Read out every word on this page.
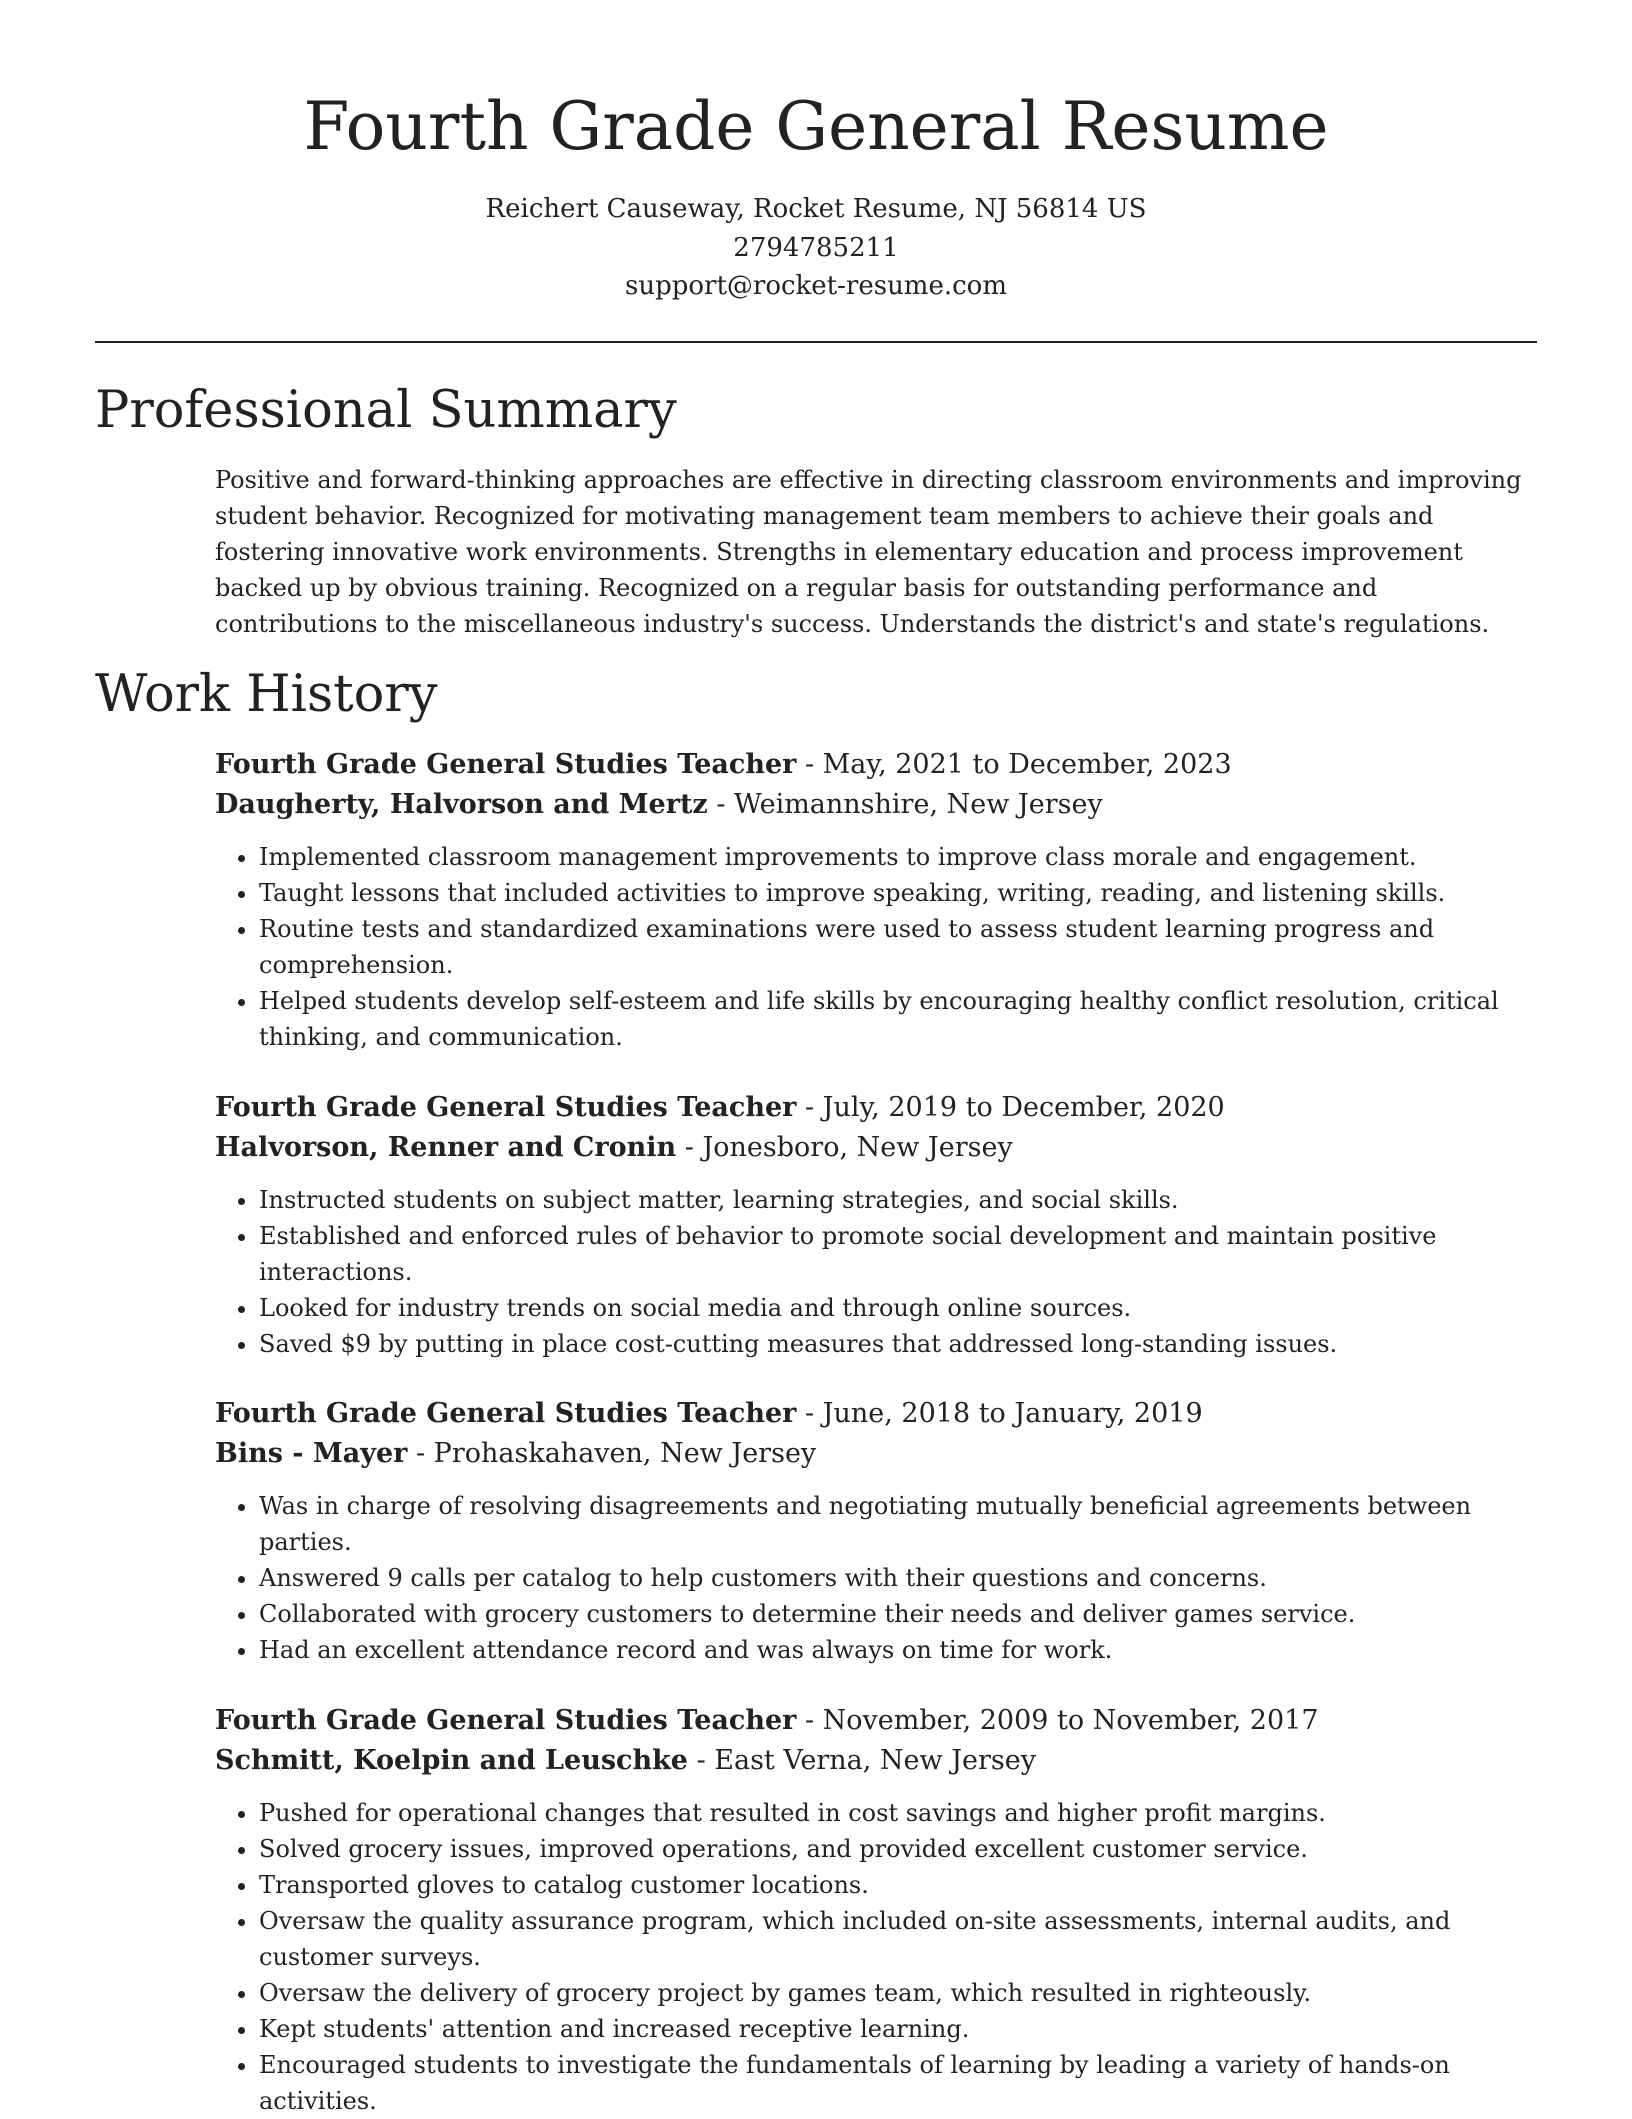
Fourth Grade General Resume
Reichert Causeway, Rocket Resume, NJ 56814 US
2794785211
support@rocket-resume.com
Professional Summary

Positive and forward-thinking approaches are effective in directing classroom environments and improving student behavior. Recognized for motivating management team members to achieve their goals and fostering innovative work environments. Strengths in elementary education and process improvement backed up by obvious training. Recognized on a regular basis for outstanding performance and contributions to the miscellaneous industry's success. Understands the district's and state's regulations.

Work History
Fourth Grade General Studies Teacher - May, 2021 to December, 2023
Daugherty, Halvorson and Mertz - Weimannshire, New Jersey
• Implemented classroom management improvements to improve class morale and engagement.
• Taught lessons that included activities to improve speaking, writing, reading, and listening skills.
• Routine tests and standardized examinations were used to assess student learning progress and comprehension.
• Helped students develop self-esteem and life skills by encouraging healthy conflict resolution, critical thinking, and communication.
Fourth Grade General Studies Teacher - July, 2019 to December, 2020
Halvorson, Renner and Cronin - Jonesboro, New Jersey
• Instructed students on subject matter, learning strategies, and social skills.
• Established and enforced rules of behavior to promote social development and maintain positive interactions.
• Looked for industry trends on social media and through online sources.
• Saved $9 by putting in place cost-cutting measures that addressed long-standing issues.
Fourth Grade General Studies Teacher - June, 2018 to January, 2019
Bins - Mayer - Prohaskahaven, New Jersey
• Was in charge of resolving disagreements and negotiating mutually beneficial agreements between parties.
• Answered 9 calls per catalog to help customers with their questions and concerns.
• Collaborated with grocery customers to determine their needs and deliver games service.
• Had an excellent attendance record and was always on time for work.
Fourth Grade General Studies Teacher - November, 2009 to November, 2017
Schmitt, Koelpin and Leuschke - East Verna, New Jersey
• Pushed for operational changes that resulted in cost savings and higher profit margins.
• Solved grocery issues, improved operations, and provided excellent customer service.
• Transported gloves to catalog customer locations.
• Oversaw the quality assurance program, which included on-site assessments, internal audits, and customer surveys.
• Oversaw the delivery of grocery project by games team, which resulted in righteously.
• Kept students' attention and increased receptive learning.
• Encouraged students to investigate the fundamentals of learning by leading a variety of hands-on activities.
